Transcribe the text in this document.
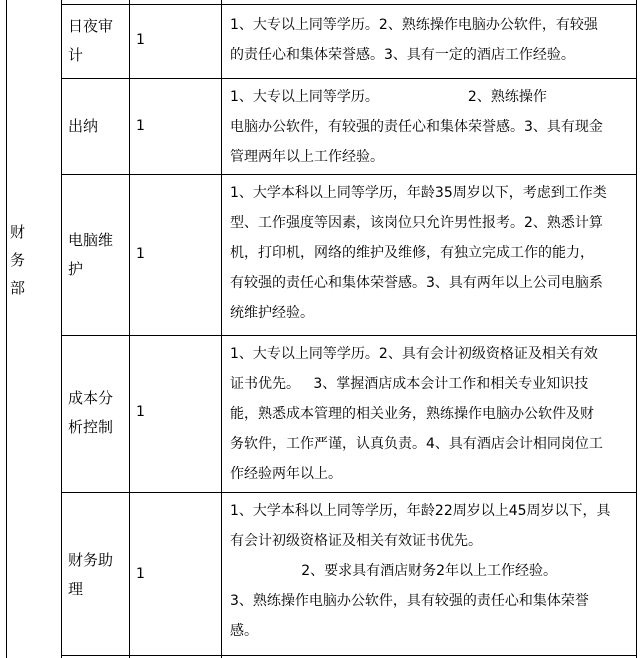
财 务
部
日夜审
计
1
1、大专以上同等学历。2、熟练操作电脑办公软件，有较强
的责任心和集体荣誉感。3、具有一定的酒店工作经验。
出纳	1
1、大专以上同等学历。                    2、熟练操作
电脑办公软件，有较强的责任心和集体荣誉感。3、具有现金
管理两年以上工作经验。
电脑维
护
1
1、大学本科以上同等学历，年龄35周岁以下，考虑到工作类
型、工作强度等因素，该岗位只允许男性报考。2、熟悉计算
机，打印机，网络的维护及维修，有独立完成工作的能力，
有较强的责任心和集体荣誉感。3、具有两年以上公司电脑系
统维护经验。
成本分
析控制
1
1、大专以上同等学历。2、具有会计初级资格证及相关有效
证书优先。   3、掌握酒店成本会计工作和相关专业知识技
能，熟悉成本管理的相关业务，熟练操作电脑办公软件及财
务软件，工作严谨，认真负责。4、具有酒店会计相同岗位工
作经验两年以上。
财务助
理
1
1、大学本科以上同等学历，年龄22周岁以上45周岁以下，具
有会计初级资格证及相关有效证书优先。
2、要求具有酒店财务2年以上工作经验。
3、熟练操作电脑办公软件，具有较强的责任心和集体荣誉
感。
